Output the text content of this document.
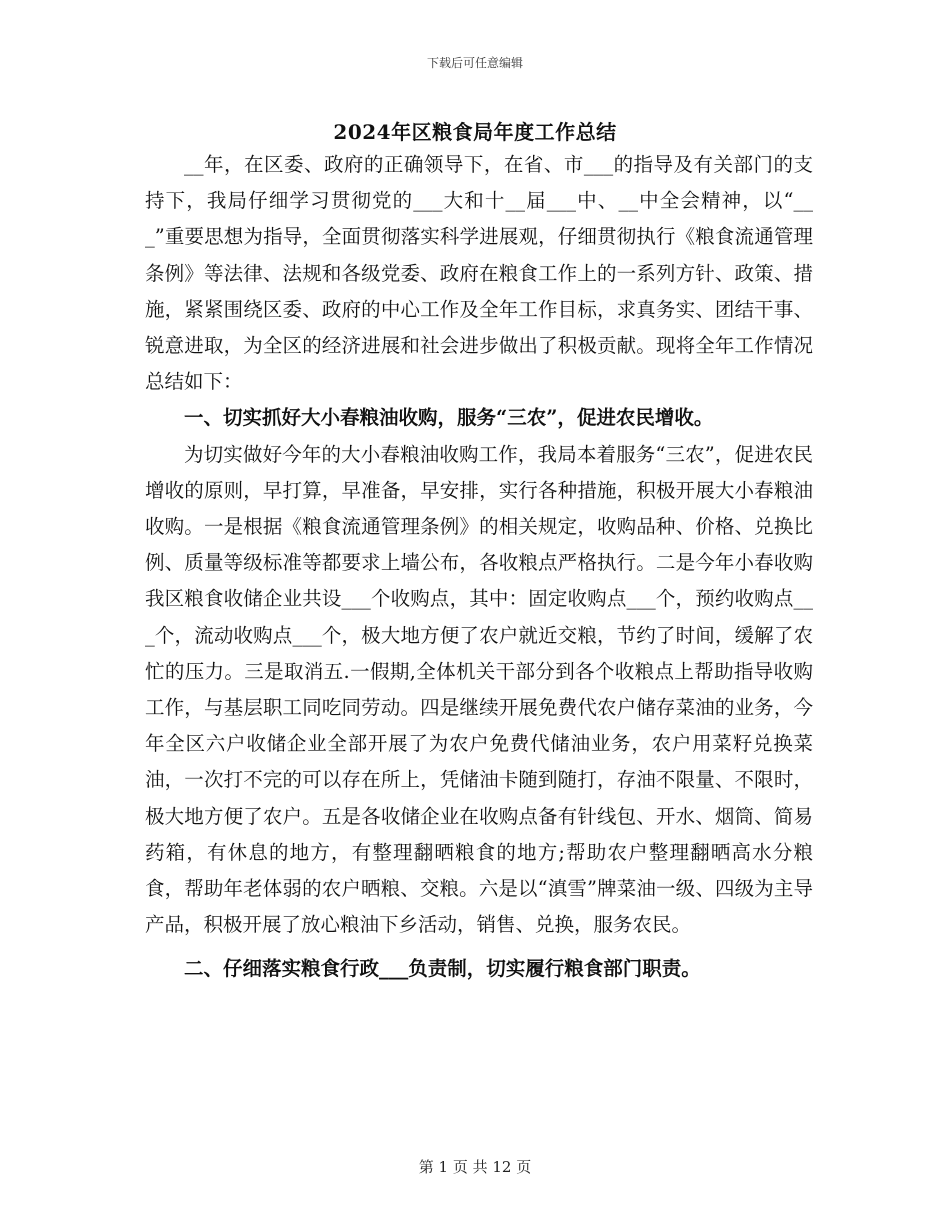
下载后可任意编辑
2024年区粮食局年度工作总结

__年，在区委、政府的正确领导下，在省、市___的指导及有关部门的支持下，我局仔细学习贯彻党的___大和十__届___中、__中全会精神，以“___”重要思想为指导，全面贯彻落实科学进展观，仔细贯彻执行《粮食流通管理条例》等法律、法规和各级党委、政府在粮食工作上的一系列方针、政策、措施，紧紧围绕区委、政府的中心工作及全年工作目标，求真务实、团结干事、锐意进取，为全区的经济进展和社会进步做出了积极贡献。现将全年工作情况总结如下：

一、切实抓好大小春粮油收购，服务“三农”，促进农民增收。

为切实做好今年的大小春粮油收购工作，我局本着服务“三农”，促进农民增收的原则，早打算，早准备，早安排，实行各种措施，积极开展大小春粮油收购。一是根据《粮食流通管理条例》的相关规定，收购品种、价格、兑换比例、质量等级标准等都要求上墙公布，各收粮点严格执行。二是今年小春收购我区粮食收储企业共设___个收购点，其中：固定收购点___个，预约收购点___个，流动收购点___个，极大地方便了农户就近交粮，节约了时间，缓解了农忙的压力。三是取消五.一假期,全体机关干部分到各个收粮点上帮助指导收购工作，与基层职工同吃同劳动。四是继续开展免费代农户储存菜油的业务，今年全区六户收储企业全部开展了为农户免费代储油业务，农户用菜籽兑换菜油，一次打不完的可以存在所上，凭储油卡随到随打，存油不限量、不限时，极大地方便了农户。五是各收储企业在收购点备有针线包、开水、烟筒、简易药箱，有休息的地方，有整理翻晒粮食的地方;帮助农户整理翻晒高水分粮食，帮助年老体弱的农户晒粮、交粮。六是以“滇雪”牌菜油一级、四级为主导产品，积极开展了放心粮油下乡活动，销售、兑换，服务农民。

二、仔细落实粮食行政___负责制，切实履行粮食部门职责。

第 1 页 共 12 页
